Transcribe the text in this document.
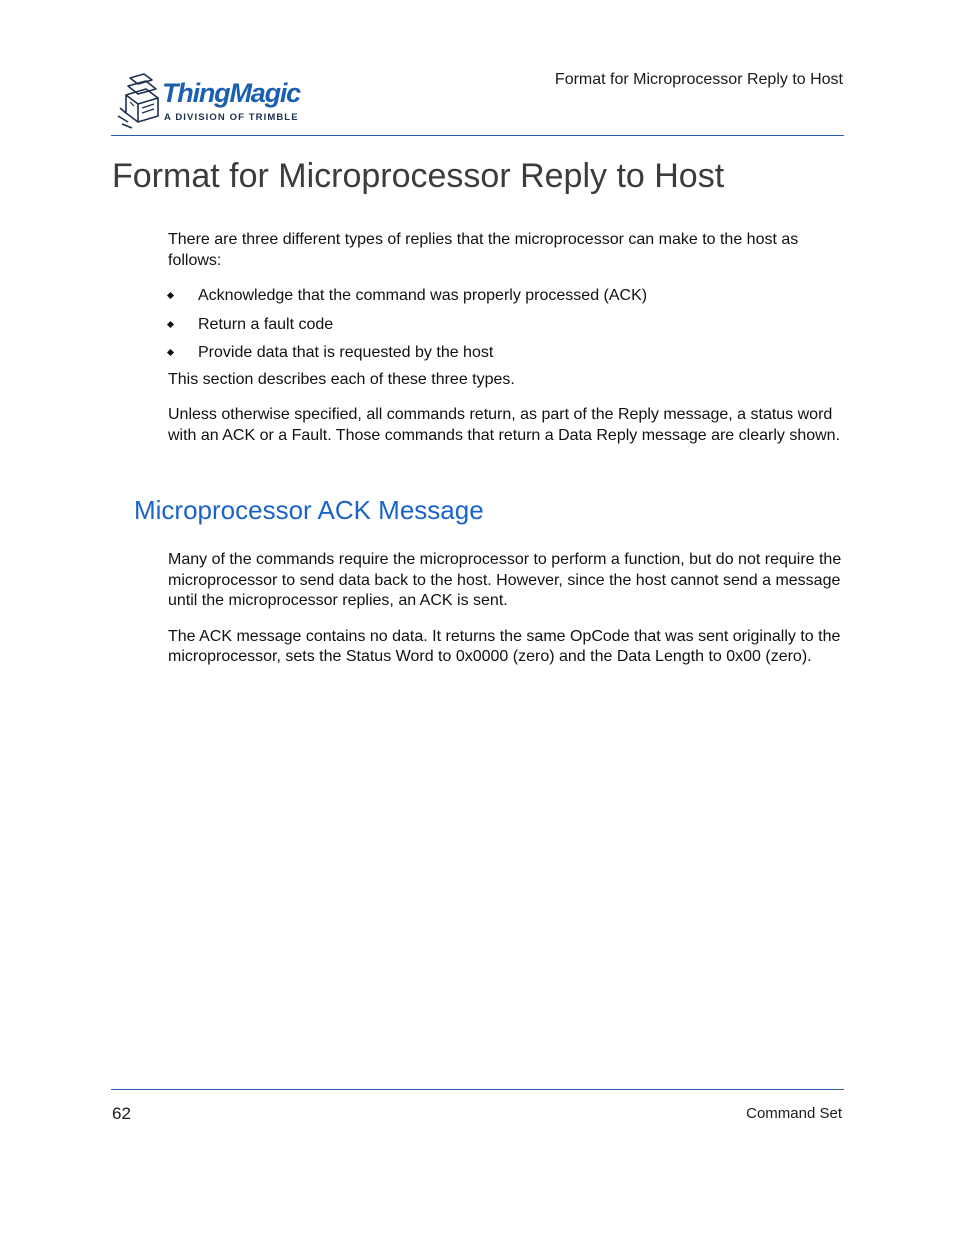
ThingMagic
A DIVISION OF TRIMBLE
Format for Microprocessor Reply to Host
Format for Microprocessor Reply to Host

There are three different types of replies that the microprocessor can make to the host as follows:

Acknowledge that the command was properly processed (ACK)
Return a fault code
Provide data that is requested by the host

This section describes each of these three types.

Unless otherwise specified, all commands return, as part of the Reply message, a status word with an ACK or a Fault. Those commands that return a Data Reply message are clearly shown.

Microprocessor ACK Message

Many of the commands require the microprocessor to perform a function, but do not require the microprocessor to send data back to the host. However, since the host cannot send a message until the microprocessor replies, an ACK is sent.

The ACK message contains no data. It returns the same OpCode that was sent originally to the microprocessor, sets the Status Word to 0x0000 (zero) and the Data Length to 0x00 (zero).

62	Command Set
